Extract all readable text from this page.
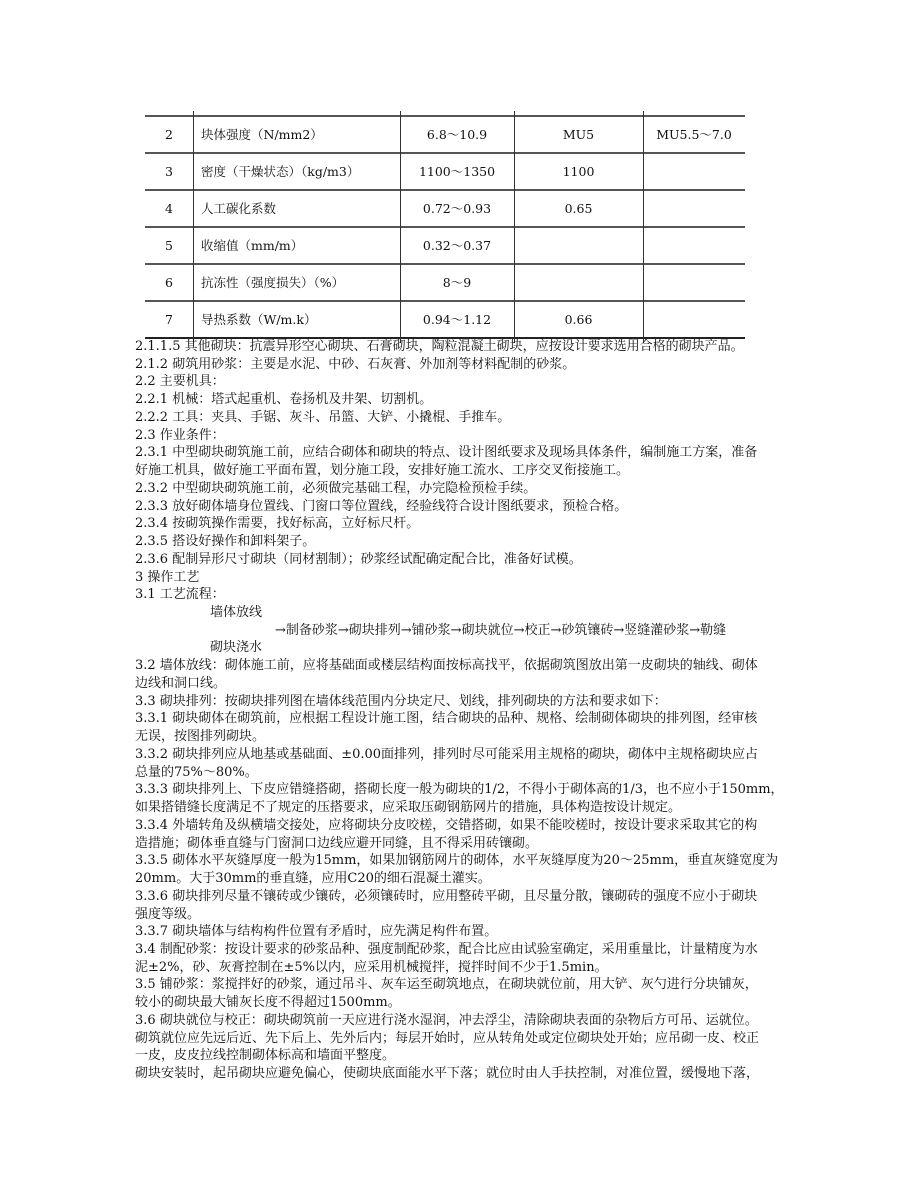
2	块体强度（N/mm2）	6.8～10.9	MU5	MU5.5～7.0
3	密度（干燥状态）（kg/m3）	1100～1350	1100
4	人工碳化系数	0.72～0.93	0.65
5	收缩值（mm/m）	0.32～0.37
6	抗冻性（强度损失）（%）	8～9
7	导热系数（W/m.k）	0.94～1.12	0.66
2.1.1.5 其他砌块：抗震异形空心砌块、石膏砌块，陶粒混凝土砌块，应按设计要求选用合格的砌块产品。
2.1.2 砌筑用砂浆：主要是水泥、中砂、石灰膏、外加剂等材料配制的砂浆。
2.2 主要机具：
2.2.1 机械：塔式起重机、卷扬机及井架、切割机。
2.2.2 工具：夹具、手锯、灰斗、吊篮、大铲、小撬棍、手推车。
2.3 作业条件：
2.3.1 中型砌块砌筑施工前，应结合砌体和砌块的特点、设计图纸要求及现场具体条件，编制施工方案，准备
好施工机具，做好施工平面布置，划分施工段，安排好施工流水、工序交叉衔接施工。
2.3.2 中型砌块砌筑施工前，必须做完基础工程，办完隐检预检手续。
2.3.3 放好砌体墙身位置线、门窗口等位置线，经验线符合设计图纸要求，预检合格。
2.3.4 按砌筑操作需要，找好标高，立好标尺杆。
2.3.5 搭设好操作和卸料架子。
2.3.6 配制异形尺寸砌块（同材割制）；砂浆经试配确定配合比，准备好试模。
3 操作工艺
3.1 工艺流程：
墙体放线
→制备砂浆→砌块排列→铺砂浆→砌块就位→校正→砂筑镶砖→竖缝灌砂浆→勒缝
砌块浇水
3.2 墙体放线：砌体施工前，应将基础面或楼层结构面按标高找平，依据砌筑图放出第一皮砌块的轴线、砌体
边线和洞口线。
3.3 砌块排列：按砌块排列图在墙体线范围内分块定尺、划线，排列砌块的方法和要求如下：
3.3.1 砌块砌体在砌筑前，应根据工程设计施工图，结合砌块的品种、规格、绘制砌体砌块的排列图，经审核
无误，按图排列砌块。
3.3.2 砌块排列应从地基或基础面、±0.00面排列，排列时尽可能采用主规格的砌块，砌体中主规格砌块应占
总量的75%～80%。
3.3.3 砌块排列上、下皮应错缝搭砌，搭砌长度一般为砌块的1/2，不得小于砌体高的1/3，也不应小于150mm，
如果搭错缝长度满足不了规定的压搭要求，应采取压砌钢筋网片的措施，具体构造按设计规定。
3.3.4 外墙转角及纵横墙交接处，应将砌块分皮咬槎，交错搭砌，如果不能咬槎时，按设计要求采取其它的构
造措施；砌体垂直缝与门窗洞口边线应避开同缝，且不得采用砖镶砌。
3.3.5 砌体水平灰缝厚度一般为15mm，如果加钢筋网片的砌体，水平灰缝厚度为20～25mm，垂直灰缝宽度为
20mm。大于30mm的垂直缝，应用C20的细石混凝土灌实。
3.3.6 砌块排列尽量不镶砖或少镶砖，必须镶砖时，应用整砖平砌，且尽量分散，镶砌砖的强度不应小于砌块
强度等级。
3.3.7 砌块墙体与结构构件位置有矛盾时，应先满足构件布置。
3.4 制配砂浆：按设计要求的砂浆品种、强度制配砂浆，配合比应由试验室确定，采用重量比，计量精度为水
泥±2%，砂、灰膏控制在±5%以内，应采用机械搅拌，搅拌时间不少于1.5min。
3.5 铺砂浆：浆搅拌好的砂浆，通过吊斗、灰车运至砌筑地点，在砌块就位前，用大铲、灰勺进行分块铺灰，
较小的砌块最大铺灰长度不得超过1500mm。
3.6 砌块就位与校正：砌块砌筑前一天应进行浇水湿润，冲去浮尘，清除砌块表面的杂物后方可吊、运就位。
砌筑就位应先远后近、先下后上、先外后内；每层开始时，应从转角处或定位砌块处开始；应吊砌一皮、校正
一皮，皮皮拉线控制砌体标高和墙面平整度。
砌块安装时，起吊砌块应避免偏心，使砌块底面能水平下落；就位时由人手扶控制，对准位置，缓慢地下落，
